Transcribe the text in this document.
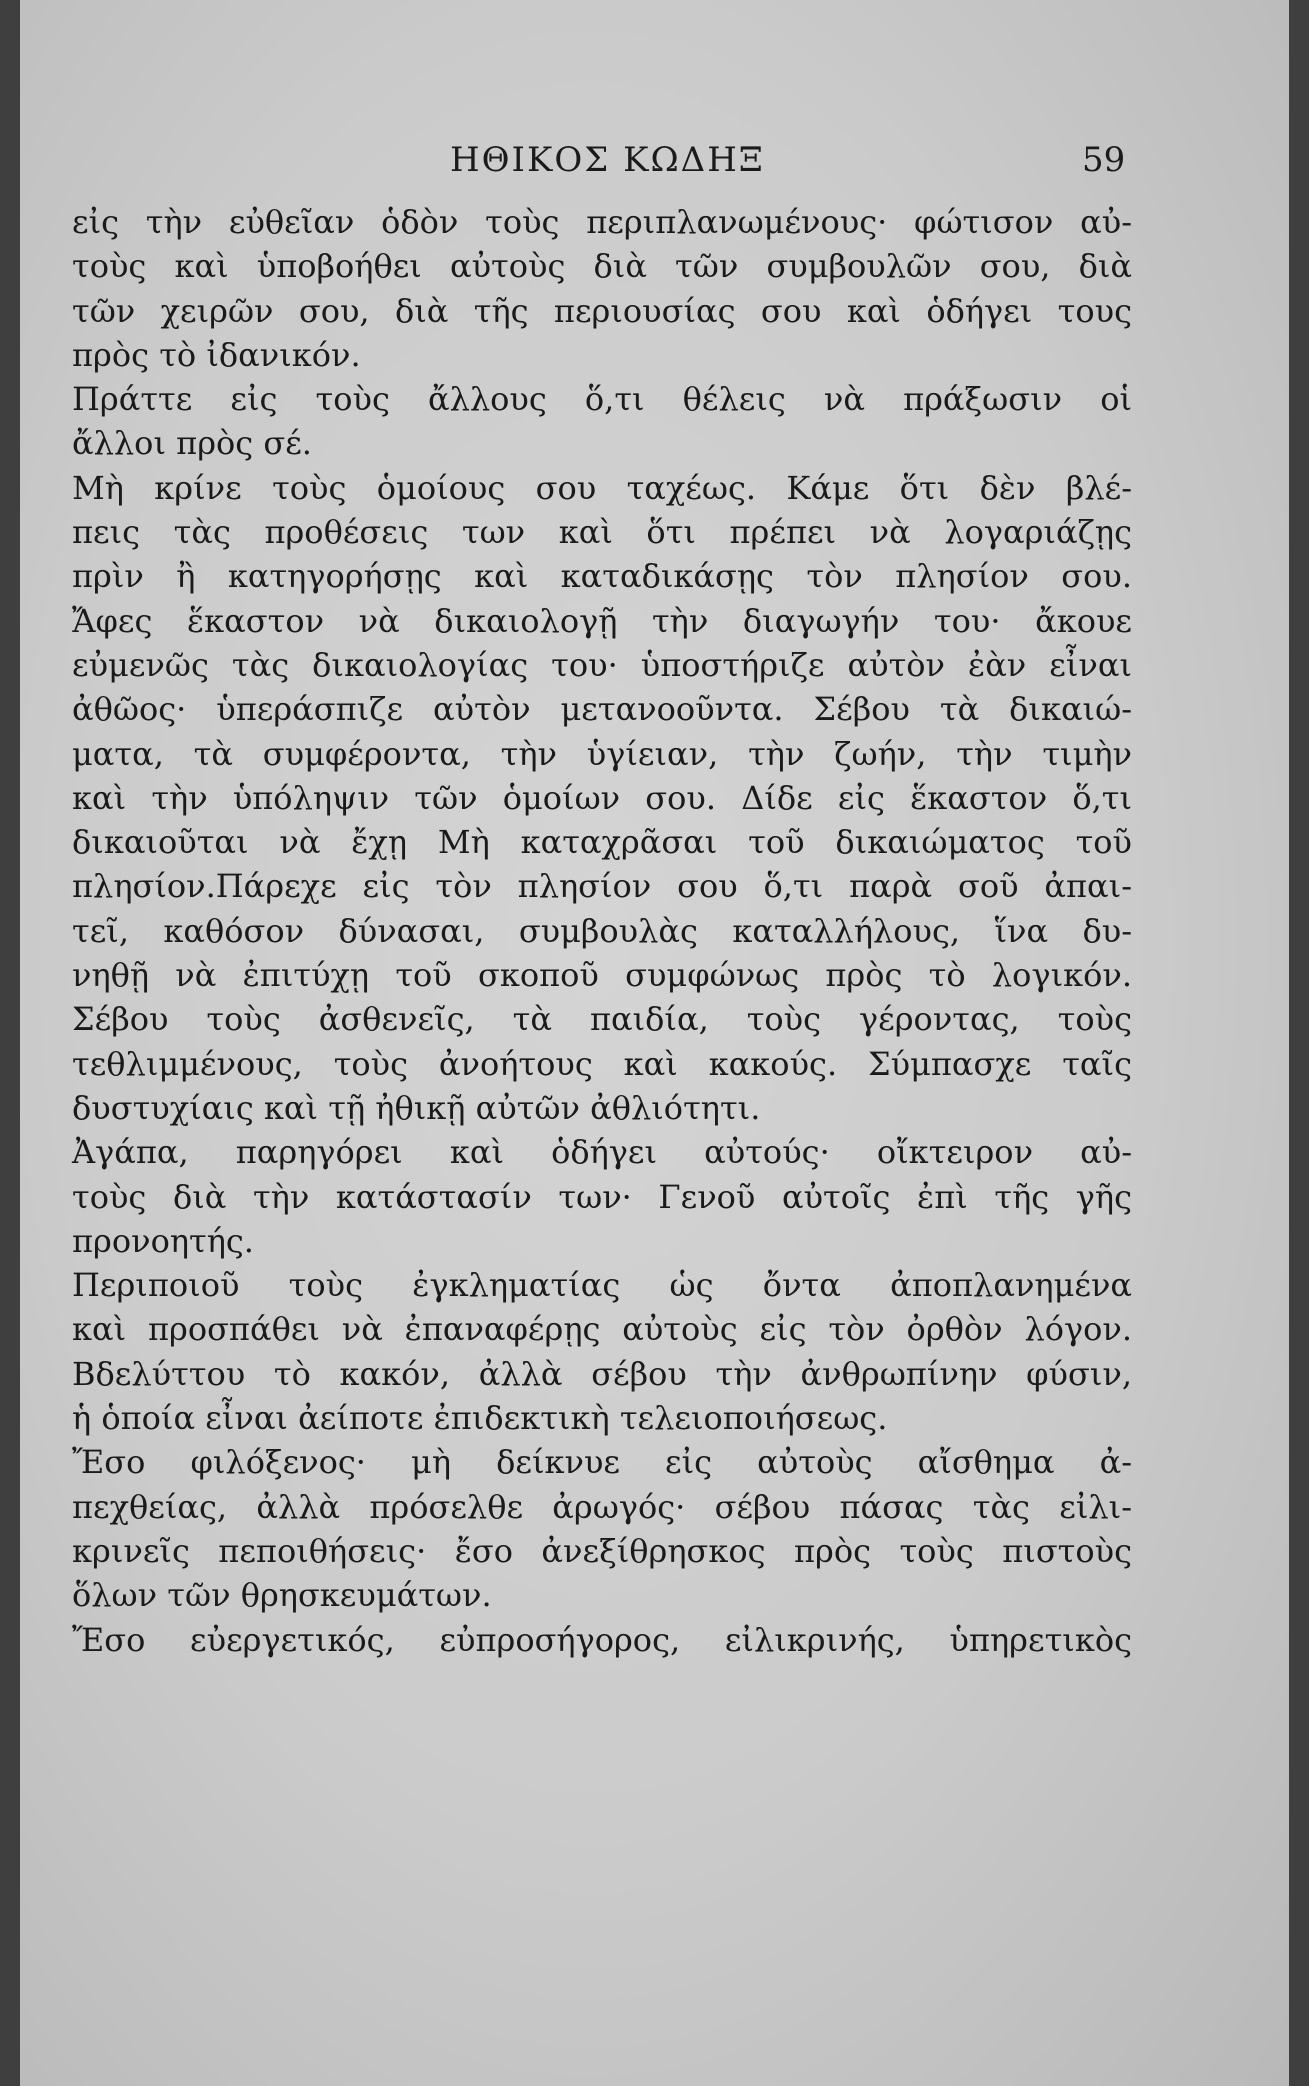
ΗΘΙΚΟΣ ΚΩΔΗΞ	59
εἰς τὴν εὐθεῖαν ὁδὸν τοὺς περιπλανωμένους· φώτισον αὐ-
τοὺς καὶ ὑποβοήθει αὐτοὺς διὰ τῶν συμβουλῶν σου, διὰ
τῶν χειρῶν σου, διὰ τῆς περιουσίας σου καὶ ὁδήγει τους
πρὸς τὸ ἰδανικόν.
Πράττε εἰς τοὺς ἄλλους ὅ,τι θέλεις νὰ πράξωσιν οἱ
ἄλλοι πρὸς σέ.
Μὴ κρίνε τοὺς ὁμοίους σου ταχέως. Κάμε ὅτι δὲν βλέ-
πεις τὰς προθέσεις των καὶ ὅτι πρέπει νὰ λογαριάζῃς
πρὶν ἢ κατηγορήσῃς καὶ καταδικάσῃς τὸν πλησίον σου.
Ἄφες ἕκαστον νὰ δικαιολογῇ τὴν διαγωγήν του· ἄκουε
εὐμενῶς τὰς δικαιολογίας του· ὑποστήριζε αὐτὸν ἐὰν εἶναι
ἀθῶος· ὑπεράσπιζε αὐτὸν μετανοοῦντα. Σέβου τὰ δικαιώ-
ματα, τὰ συμφέροντα, τὴν ὑγίειαν, τὴν ζωήν, τὴν τιμὴν
καὶ τὴν ὑπόληψιν τῶν ὁμοίων σου. Δίδε εἰς ἕκαστον ὅ,τι
δικαιοῦται νὰ ἔχῃ Μὴ καταχρᾶσαι τοῦ δικαιώματος τοῦ
πλησίον.Πάρεχε εἰς τὸν πλησίον σου ὅ,τι παρὰ σοῦ ἀπαι-
τεῖ, καθόσον δύνασαι, συμβουλὰς καταλλήλους, ἵνα δυ-
νηθῇ νὰ ἐπιτύχῃ τοῦ σκοποῦ συμφώνως πρὸς τὸ λογικόν.
Σέβου τοὺς ἀσθενεῖς, τὰ παιδία, τοὺς γέροντας, τοὺς
τεθλιμμένους, τοὺς ἀνοήτους καὶ κακούς. Σύμπασχε ταῖς
δυστυχίαις καὶ τῇ ἠθικῇ αὐτῶν ἀθλιότητι.
Ἀγάπα, παρηγόρει καὶ ὁδήγει αὐτούς· οἴκτειρον αὐ-
τοὺς διὰ τὴν κατάστασίν των· Γενοῦ αὐτοῖς ἐπὶ τῆς γῆς
προνοητής.
Περιποιοῦ τοὺς ἐγκληματίας ὡς ὄντα ἀποπλανημένα
καὶ προσπάθει νὰ ἐπαναφέρῃς αὐτοὺς εἰς τὸν ὀρθὸν λόγον.
Βδελύττου τὸ κακόν, ἀλλὰ σέβου τὴν ἀνθρωπίνην φύσιν,
ἡ ὁποία εἶναι ἀείποτε ἐπιδεκτικὴ τελειοποιήσεως.
Ἔσο φιλόξενος· μὴ δείκνυε εἰς αὐτοὺς αἴσθημα ἀ-
πεχθείας, ἀλλὰ πρόσελθε ἀρωγός· σέβου πάσας τὰς εἰλι-
κρινεῖς πεποιθήσεις· ἔσο ἀνεξίθρησκος πρὸς τοὺς πιστοὺς
ὅλων τῶν θρησκευμάτων.
Ἔσο εὐεργετικός, εὐπροσήγορος, εἰλικρινής, ὑπηρετικὸς
